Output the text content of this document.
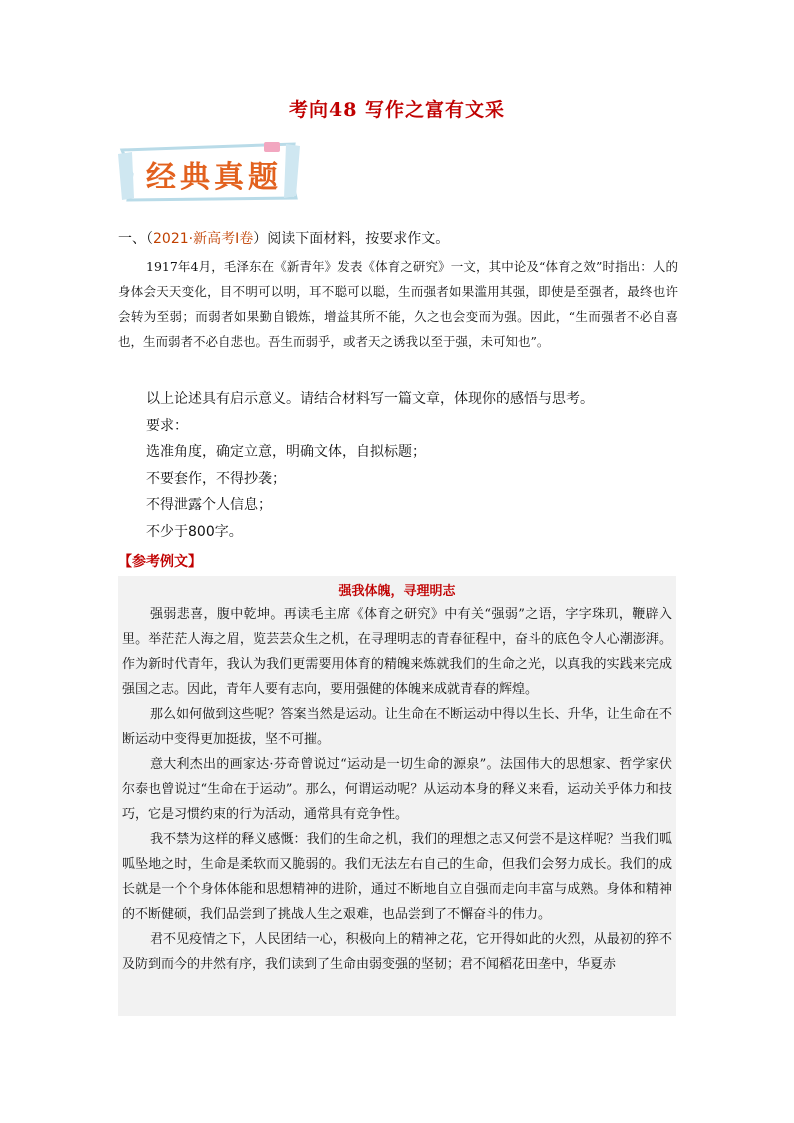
考向48 写作之富有文采
经典真题
一、（2021·新高考Ⅰ卷）阅读下面材料，按要求作文。

1917年4月，毛泽东在《新青年》发表《体育之研究》一文，其中论及“体育之效”时指出：人的身体会天天变化，目不明可以明，耳不聪可以聪，生而强者如果滥用其强，即使是至强者，最终也许会转为至弱；而弱者如果勤自锻炼，增益其所不能，久之也会变而为强。因此，“生而强者不必自喜也，生而弱者不必自悲也。吾生而弱乎，或者天之诱我以至于强，未可知也”。

以上论述具有启示意义。请结合材料写一篇文章，体现你的感悟与思考。
要求：
选准角度，确定立意，明确文体，自拟标题；
不要套作，不得抄袭；
不得泄露个人信息；
不少于800字。
【参考例文】
强我体魄，寻理明志

强弱悲喜，腹中乾坤。再读毛主席《体育之研究》中有关“强弱”之语，字字珠玑，鞭辟入里。举茫茫人海之眉，览芸芸众生之机，在寻理明志的青春征程中，奋斗的底色令人心潮澎湃。作为新时代青年，我认为我们更需要用体育的精魄来炼就我们的生命之光，以真我的实践来完成强国之志。因此，青年人要有志向，要用强健的体魄来成就青春的辉煌。

那么如何做到这些呢？答案当然是运动。让生命在不断运动中得以生长、升华，让生命在不断运动中变得更加挺拔，坚不可摧。

意大利杰出的画家达·芬奇曾说过“运动是一切生命的源泉”。法国伟大的思想家、哲学家伏尔泰也曾说过“生命在于运动”。那么，何谓运动呢？从运动本身的释义来看，运动关乎体力和技巧，它是习惯约束的行为活动，通常具有竞争性。

我不禁为这样的释义感慨：我们的生命之机，我们的理想之志又何尝不是这样呢？当我们呱呱坠地之时，生命是柔软而又脆弱的。我们无法左右自己的生命，但我们会努力成长。我们的成长就是一个个身体体能和思想精神的进阶，通过不断地自立自强而走向丰富与成熟。身体和精神的不断健硕，我们品尝到了挑战人生之艰难，也品尝到了不懈奋斗的伟力。

君不见疫情之下，人民团结一心，积极向上的精神之花，它开得如此的火烈，从最初的猝不及防到而今的井然有序，我们读到了生命由弱变强的坚韧；君不闻稻花田垄中，华夏赤
